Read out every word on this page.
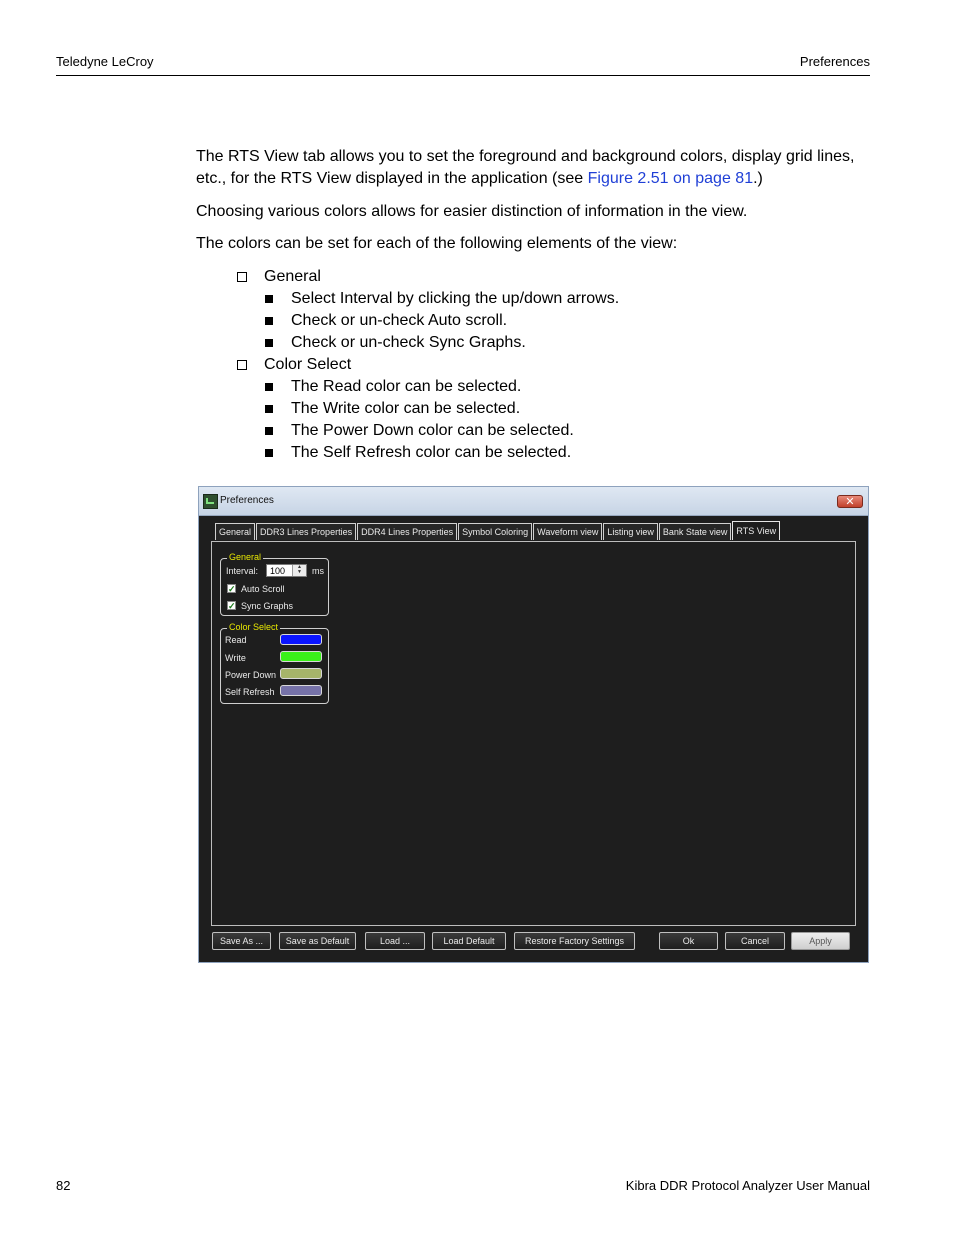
Teledyne LeCroy	Preferences
The RTS View tab allows you to set the foreground and background colors, display grid lines, etc., for the RTS View displayed in the application (see Figure 2.51 on page 81.)
Choosing various colors allows for easier distinction of information in the view.
The colors can be set for each of the following elements of the view:
General
Select Interval by clicking the up/down arrows.
Check or un-check Auto scroll.
Check or un-check Sync Graphs.
Color Select
The Read color can be selected.
The Write color can be selected.
The Power Down color can be selected.
The Self Refresh color can be selected.
Preferences	✕
General	DDR3 Lines Properties	DDR4 Lines Properties	Symbol Coloring	Waveform view	Listing view	Bank State view	RTS View
General
Interval: 100	▲
▼	ms
✓ Auto Scroll
✓ Sync Graphs
Color Select
Read
Write
Power Down
Self Refresh
Save As ...	Save as Default	Load ...	Load Default	Restore Factory Settings	Ok	Cancel	Apply
82	Kibra DDR Protocol Analyzer User Manual
